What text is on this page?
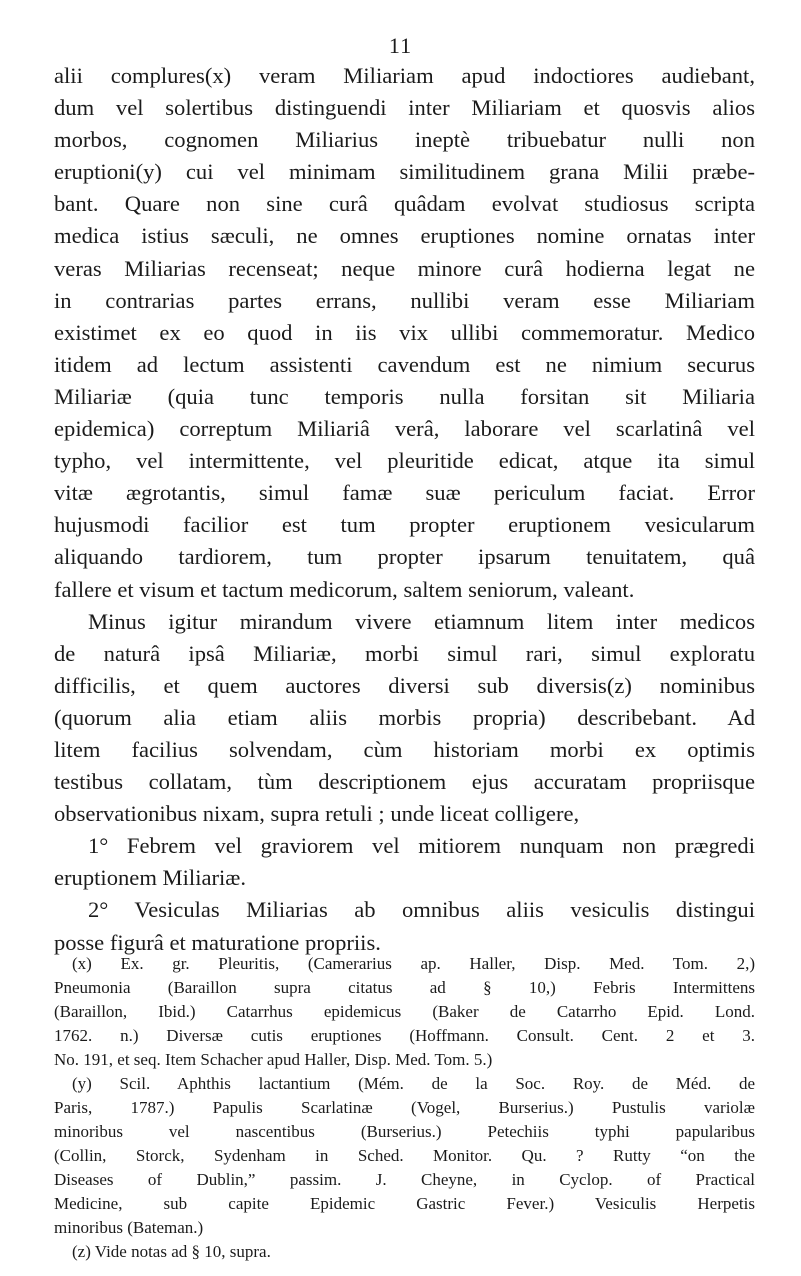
11
alii complures(x) veram Miliariam apud indoctiores audiebant,
dum vel solertibus distinguendi inter Miliariam et quosvis alios
morbos, cognomen Miliarius ineptè tribuebatur nulli non
eruptioni(y) cui vel minimam similitudinem grana Milii præbe-
bant. Quare non sine curâ quâdam evolvat studiosus scripta
medica istius sæculi, ne omnes eruptiones nomine ornatas inter
veras Miliarias recenseat; neque minore curâ hodierna legat ne
in contrarias partes errans, nullibi veram esse Miliariam
existimet ex eo quod in iis vix ullibi commemoratur. Medico
itidem ad lectum assistenti cavendum est ne nimium securus
Miliariæ (quia tunc temporis nulla forsitan sit Miliaria
epidemica) correptum Miliariâ verâ, laborare vel scarlatinâ vel
typho, vel intermittente, vel pleuritide edicat, atque ita simul
vitæ ægrotantis, simul famæ suæ periculum faciat. Error
hujusmodi facilior est tum propter eruptionem vesicularum
aliquando tardiorem, tum propter ipsarum tenuitatem, quâ
fallere et visum et tactum medicorum, saltem seniorum, valeant.
Minus igitur mirandum vivere etiamnum litem inter medicos
de naturâ ipsâ Miliariæ, morbi simul rari, simul exploratu
difficilis, et quem auctores diversi sub diversis(z) nominibus
(quorum alia etiam aliis morbis propria) describebant. Ad
litem facilius solvendam, cùm historiam morbi ex optimis
testibus collatam, tùm descriptionem ejus accuratam propriisque
observationibus nixam, supra retuli ; unde liceat colligere,
1° Febrem vel graviorem vel mitiorem nunquam non prægredi
eruptionem Miliariæ.
2° Vesiculas Miliarias ab omnibus aliis vesiculis distingui
posse figurâ et maturatione propriis.
(x) Ex. gr. Pleuritis, (Camerarius ap. Haller, Disp. Med. Tom. 2,)
Pneumonia (Baraillon supra citatus ad § 10,) Febris Intermittens
(Baraillon, Ibid.) Catarrhus epidemicus (Baker de Catarrho Epid. Lond.
1762. n.) Diversæ cutis eruptiones (Hoffmann. Consult. Cent. 2 et 3.
No. 191, et seq. Item Schacher apud Haller, Disp. Med. Tom. 5.)
(y) Scil. Aphthis lactantium (Mém. de la Soc. Roy. de Méd. de
Paris, 1787.) Papulis Scarlatinæ (Vogel, Burserius.) Pustulis variolæ
minoribus vel nascentibus (Burserius.) Petechiis typhi papularibus
(Collin, Storck, Sydenham in Sched. Monitor. Qu. ? Rutty “on the
Diseases of Dublin,” passim. J. Cheyne, in Cyclop. of Practical
Medicine, sub capite Epidemic Gastric Fever.) Vesiculis Herpetis
minoribus (Bateman.)
(z) Vide notas ad § 10, supra.
